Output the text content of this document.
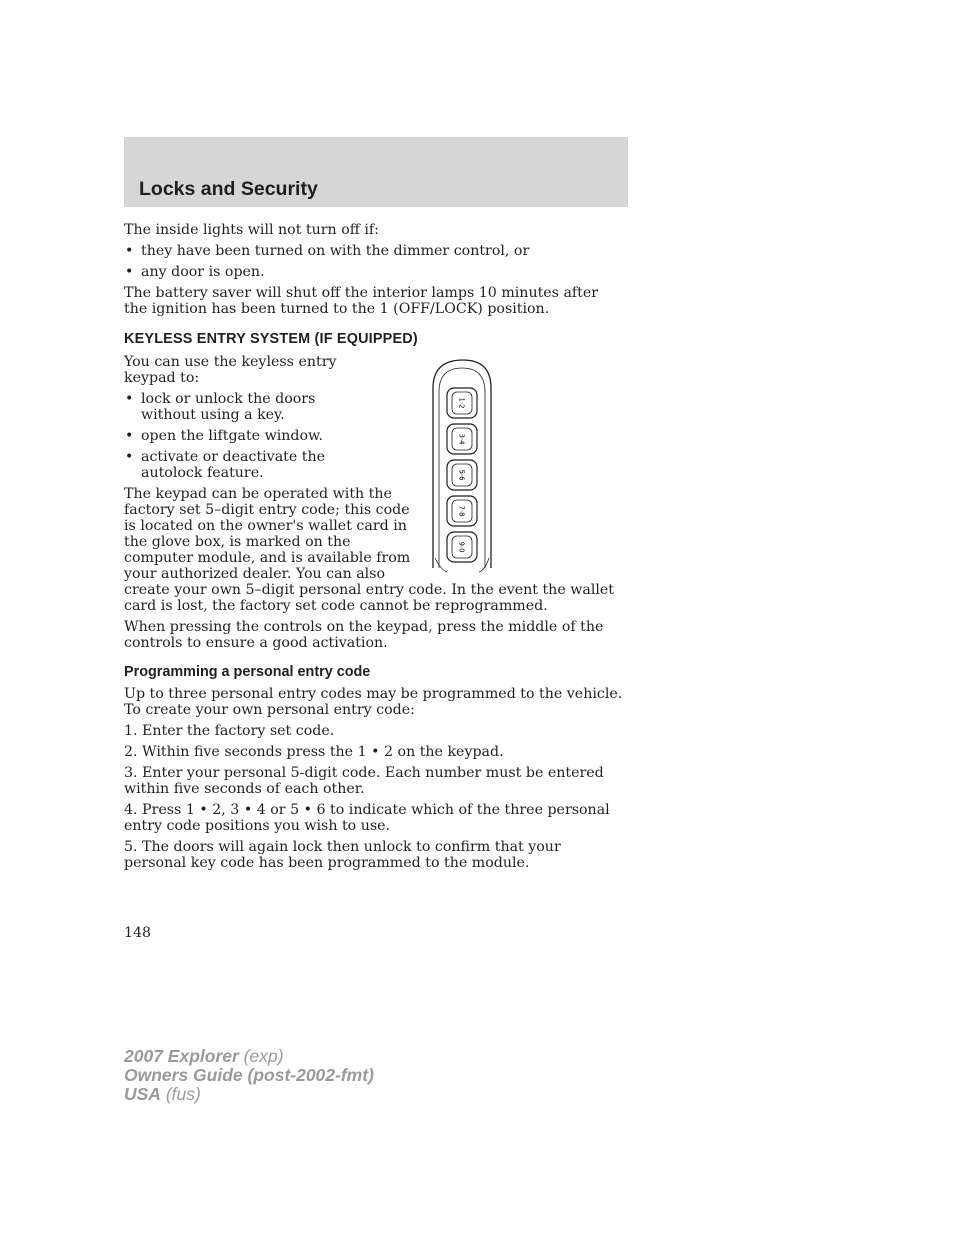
Locks and Security

The inside lights will not turn off if:

• they have been turned on with the dimmer control, or
• any door is open.

The battery saver will shut off the interior lamps 10 minutes after the ignition has been turned to the 1 (OFF/LOCK) position.

KEYLESS ENTRY SYSTEM (IF EQUIPPED)
1·2
3·4
5·6
7·8
9·0

You can use the keyless entry keypad to:

• lock or unlock the doors without using a key.
• open the liftgate window.
• activate or deactivate the autolock feature.

The keypad can be operated with the factory set 5–digit entry code; this code is located on the owner's wallet card in the glove box, is marked on the computer module, and is available from your authorized dealer. You can also create your own 5–digit personal entry code. In the event the wallet card is lost, the factory set code cannot be reprogrammed.

When pressing the controls on the keypad, press the middle of the controls to ensure a good activation.

Programming a personal entry code

Up to three personal entry codes may be programmed to the vehicle. To create your own personal entry code:

1. Enter the factory set code.

2. Within five seconds press the 1 • 2 on the keypad.

3. Enter your personal 5-digit code. Each number must be entered within five seconds of each other.

4. Press 1 • 2, 3 • 4 or 5 • 6 to indicate which of the three personal entry code positions you wish to use.

5. The doors will again lock then unlock to confirm that your personal key code has been programmed to the module.

148
2007 Explorer (exp)
Owners Guide (post-2002-fmt)
USA (fus)
